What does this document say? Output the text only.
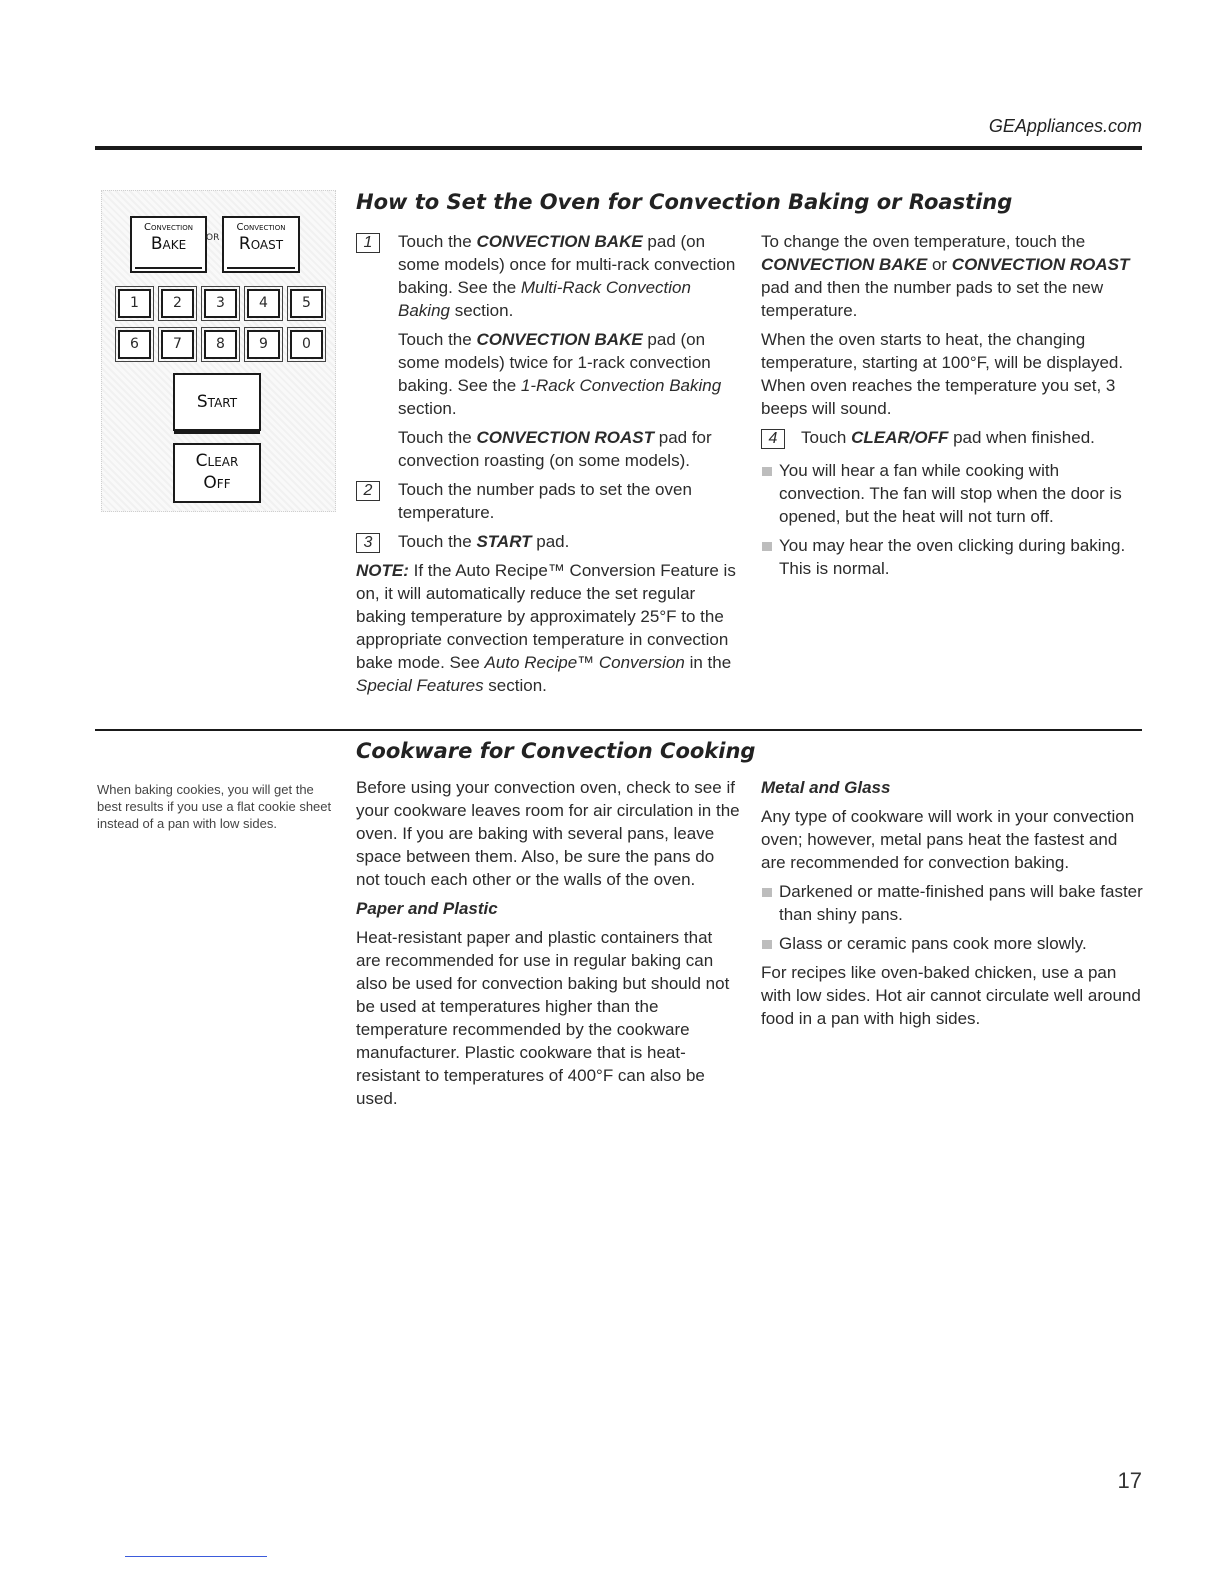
GEAppliances.com
Convection
Bake	OR
Convection
Roast
1	2	3	4	5
6	7	8	9	0
Start
Clear
Off
How to Set the Oven for Convection Baking or Roasting
1	Touch the CONVECTION BAKE pad (on some models) once for multi-rack convection baking. See the Multi-Rack Convection Baking section.
Touch the CONVECTION BAKE pad (on some models) twice for 1-rack convection baking. See the 1-Rack Convection Baking section.
Touch the CONVECTION ROAST pad for convection roasting (on some models).
2	Touch the number pads to set the oven temperature.
3	Touch the START pad.

NOTE: If the Auto Recipe™ Conversion Feature is on, it will automatically reduce the set regular baking temperature by approximately 25°F to the appropriate convection temperature in convection bake mode. See Auto Recipe™ Conversion in the Special Features section.

To change the oven temperature, touch the CONVECTION BAKE or CONVECTION ROAST pad and then the number pads to set the new temperature.

When the oven starts to heat, the changing temperature, starting at 100°F, will be displayed. When oven reaches the temperature you set, 3 beeps will sound.

4	Touch CLEAR/OFF pad when finished.
You will hear a fan while cooking with convection. The fan will stop when the door is opened, but the heat will not turn off.
You may hear the oven clicking during baking. This is normal.
Cookware for Convection Cooking
When baking cookies, you will get the best results if you use a flat cookie sheet instead of a pan with low sides.

Before using your convection oven, check to see if your cookware leaves room for air circulation in the oven. If you are baking with several pans, leave space between them. Also, be sure the pans do not touch each other or the walls of the oven.

Paper and Plastic

Heat-resistant paper and plastic containers that are recommended for use in regular baking can also be used for convection baking but should not be used at temperatures higher than the temperature recommended by the cookware manufacturer. Plastic cookware that is heat-resistant to temperatures of 400°F can also be used.

Metal and Glass

Any type of cookware will work in your convection oven; however, metal pans heat the fastest and are recommended for convection baking.

Darkened or matte-finished pans will bake faster than shiny pans.
Glass or ceramic pans cook more slowly.

For recipes like oven-baked chicken, use a pan with low sides. Hot air cannot circulate well around food in a pan with high sides.

17
